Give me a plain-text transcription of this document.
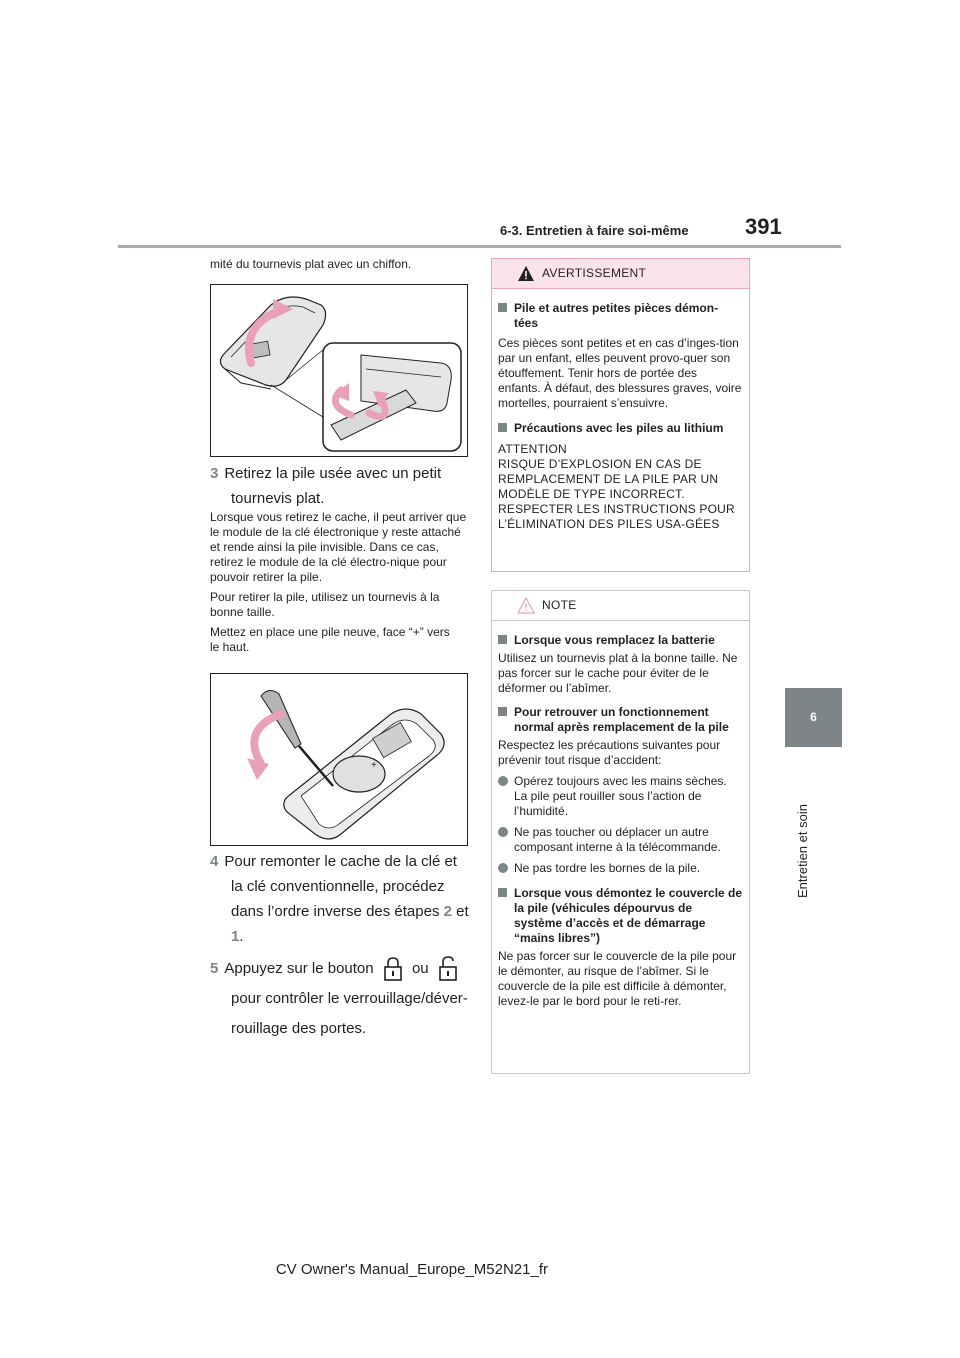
6-3. Entretien à faire soi-même	391
6
Entretien et soin
mité du tournevis plat avec un chiffon.
3 Retirez la pile usée avec un petit
tournevis plat.
Lorsque vous retirez le cache, il peut arriver que le module de la clé électronique y reste attaché et rende ainsi la pile invisible. Dans ce cas, retirez le module de la clé électro-nique pour pouvoir retirer la pile.
Pour retirer la pile, utilisez un tournevis à la bonne taille.
Mettez en place une pile neuve, face “+” vers le haut.
+
4 Pour remonter le cache de la clé et
la clé conventionnelle, procédez
dans l’ordre inverse des étapes 2 et
1.
5 Appuyez sur le bouton	ou
pour contrôler le verrouillage/déver-
rouillage des portes.
AVERTISSEMENT
Pile et autres petites pièces démon-
tées
Ces pièces sont petites et en cas d’inges-tion par un enfant, elles peuvent provo-quer son étouffement. Tenir hors de portée des enfants. À défaut, des blessures graves, voire mortelles, pourraient s’ensuivre.
Précautions avec les piles au lithium
ATTENTION
RISQUE D’EXPLOSION EN CAS DE REMPLACEMENT DE LA PILE PAR UN MODÈLE DE TYPE INCORRECT. RESPECTER LES INSTRUCTIONS POUR L’ÉLIMINATION DES PILES USA-GÉES
NOTE
Lorsque vous remplacez la batterie
Utilisez un tournevis plat à la bonne taille. Ne pas forcer sur le cache pour éviter de le déformer ou l’abîmer.
Pour retrouver un fonctionnement normal après remplacement de la pile
Respectez les précautions suivantes pour prévenir tout risque d’accident:
Opérez toujours avec les mains sèches. La pile peut rouiller sous l’action de l’humidité.
Ne pas toucher ou déplacer un autre composant interne à la télécommande.
Ne pas tordre les bornes de la pile.
Lorsque vous démontez le couvercle de la pile (véhicules dépourvus de système d’accès et de démarrage “mains libres”)
Ne pas forcer sur le couvercle de la pile pour le démonter, au risque de l’abîmer. Si le couvercle de la pile est difficile à démonter, levez-le par le bord pour le reti-rer.
CV Owner's Manual_Europe_M52N21_fr
